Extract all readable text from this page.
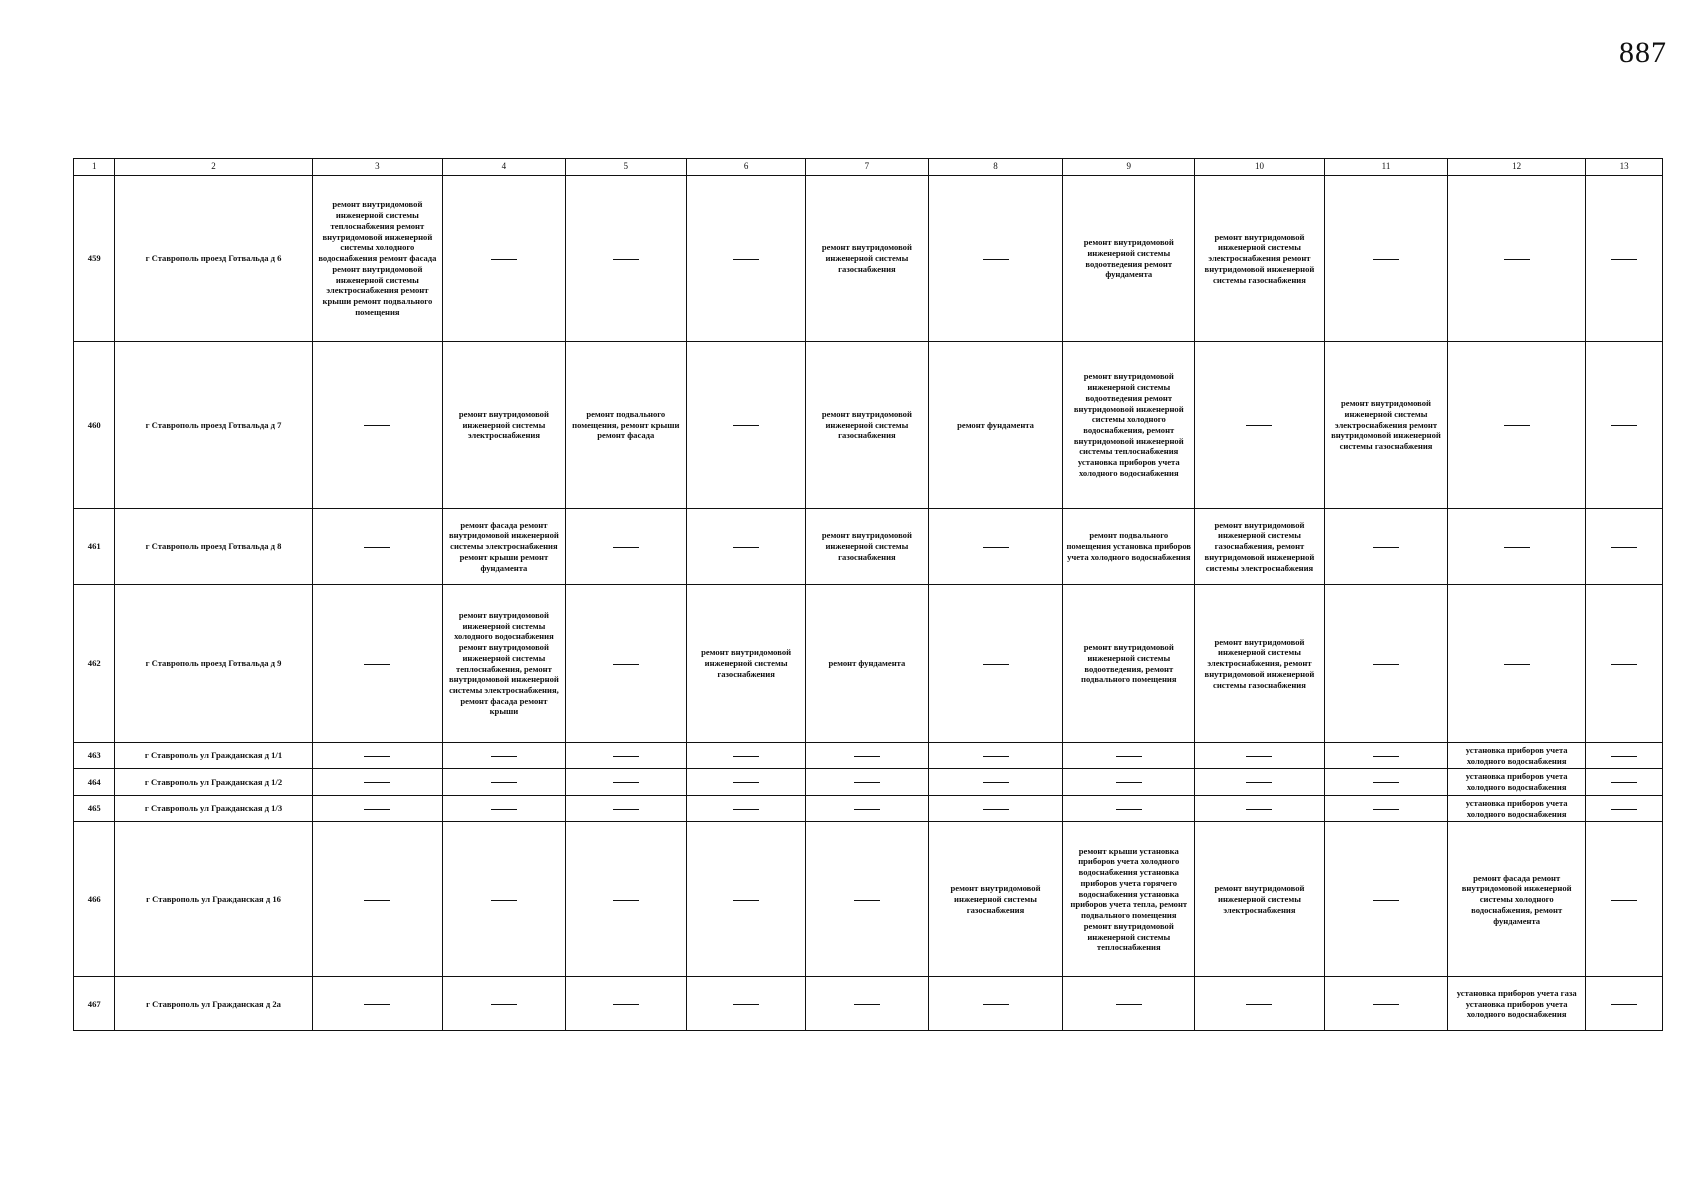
887
1	2	3	4	5	6	7	8	9	10	11	12	13
459	г Ставрополь проезд Готвальда д 6	ремонт внутридомовой инженерной системы теплоснабжения ремонт внутридомовой инженерной системы холодного водоснабжения ремонт фасада ремонт внутридомовой инженерной системы электроснабжения ремонт крыши ремонт подвального помещения				ремонт внутридомовой инженерной системы газоснабжения		ремонт внутридомовой инженерной системы водоотведения ремонт фундамента	ремонт внутридомовой инженерной системы электроснабжения ремонт внутридомовой инженерной системы газоснабжения			
460	г Ставрополь проезд Готвальда д 7		ремонт внутридомовой инженерной системы электроснабжения	ремонт подвального помещения, ремонт крыши ремонт фасада		ремонт внутридомовой инженерной системы газоснабжения	ремонт фундамента	ремонт внутридомовой инженерной системы водоотведения ремонт внутридомовой инженерной системы холодного водоснабжения, ремонт внутридомовой инженерной системы теплоснабжения установка приборов учета холодного водоснабжения		ремонт внутридомовой инженерной системы электроснабжения ремонт внутридомовой инженерной системы газоснабжения		
461	г Ставрополь проезд Готвальда д 8		ремонт фасада ремонт внутридомовой инженерной системы электроснабжения ремонт крыши ремонт фундамента			ремонт внутридомовой инженерной системы газоснабжения		ремонт подвального помещения установка приборов учета холодного водоснабжения	ремонт внутридомовой инженерной системы газоснабжения, ремонт внутридомовой инженерной системы электроснабжения			
462	г Ставрополь проезд Готвальда д 9		ремонт внутридомовой инженерной системы холодного водоснабжения ремонт внутридомовой инженерной системы теплоснабжения, ремонт внутридомовой инженерной системы электроснабжения, ремонт фасада ремонт крыши		ремонт внутридомовой инженерной системы газоснабжения	ремонт фундамента		ремонт внутридомовой инженерной системы водоотведения, ремонт подвального помещения	ремонт внутридомовой инженерной системы электроснабжения, ремонт внутридомовой инженерной системы газоснабжения			
463	г Ставрополь ул Гражданская д 1/1										установка приборов учета холодного водоснабжения	
464	г Ставрополь ул Гражданская д 1/2										установка приборов учета холодного водоснабжения	
465	г Ставрополь ул Гражданская д 1/3										установка приборов учета холодного водоснабжения	
466	г Ставрополь ул Гражданская д 16						ремонт внутридомовой инженерной системы газоснабжения	ремонт крыши установка приборов учета холодного водоснабжения установка приборов учета горячего водоснабжения установка приборов учета тепла, ремонт подвального помещения ремонт внутридомовой инженерной системы теплоснабжения	ремонт внутридомовой инженерной системы электроснабжения		ремонт фасада ремонт внутридомовой инженерной системы холодного водоснабжения, ремонт фундамента	
467	г Ставрополь ул Гражданская д 2а										установка приборов учета газа установка приборов учета холодного водоснабжения	
